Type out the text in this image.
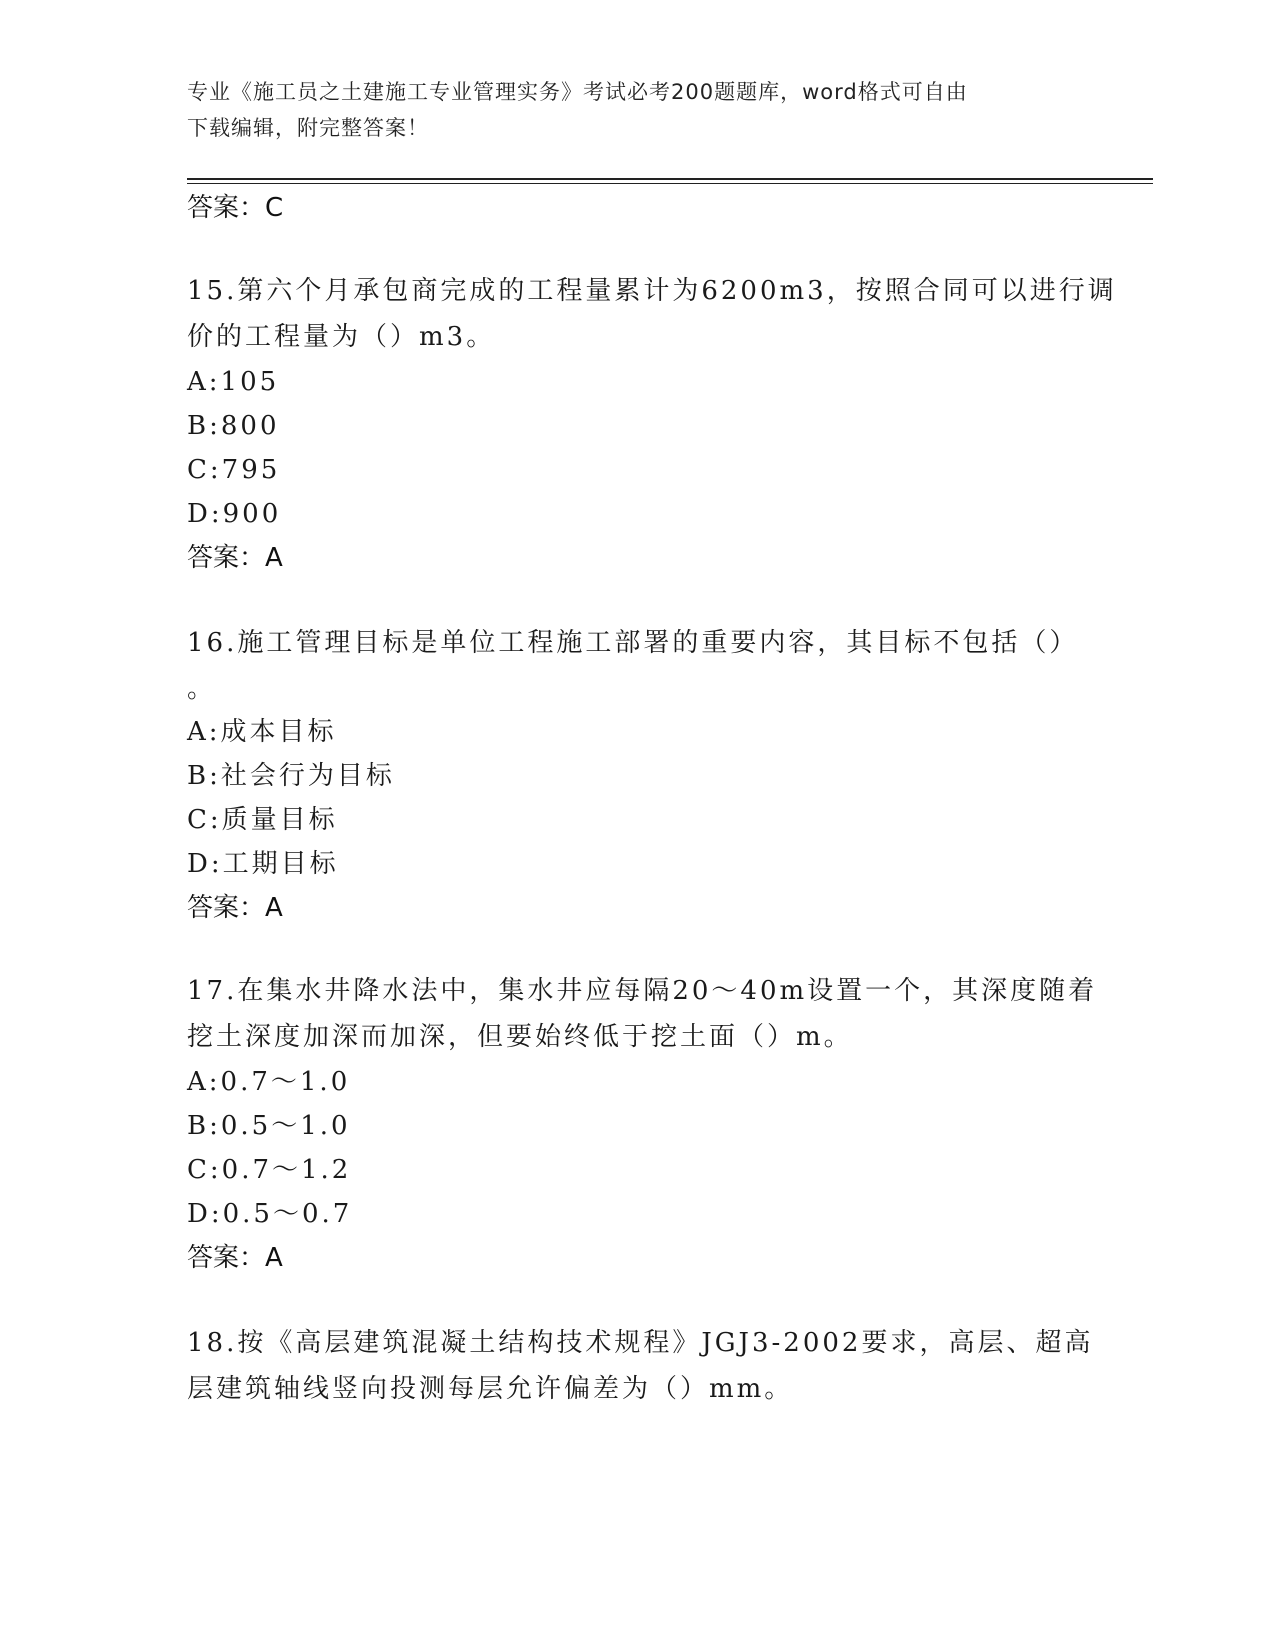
专业《施工员之土建施工专业管理实务》考试必考200题题库，word格式可自由
下载编辑，附完整答案！
答案：C
15.第六个月承包商完成的工程量累计为6200m3，按照合同可以进行调
价的工程量为（）m3。
A:105
B:800
C:795
D:900
答案：A
16.施工管理目标是单位工程施工部署的重要内容，其目标不包括（）
。
A:成本目标
B:社会行为目标
C:质量目标
D:工期目标
答案：A
17.在集水井降水法中，集水井应每隔20～40m设置一个，其深度随着
挖土深度加深而加深，但要始终低于挖土面（）m。
A:0.7～1.0
B:0.5～1.0
C:0.7～1.2
D:0.5～0.7
答案：A
18.按《高层建筑混凝土结构技术规程》JGJ3-2002要求，高层、超高
层建筑轴线竖向投测每层允许偏差为（）mm。
